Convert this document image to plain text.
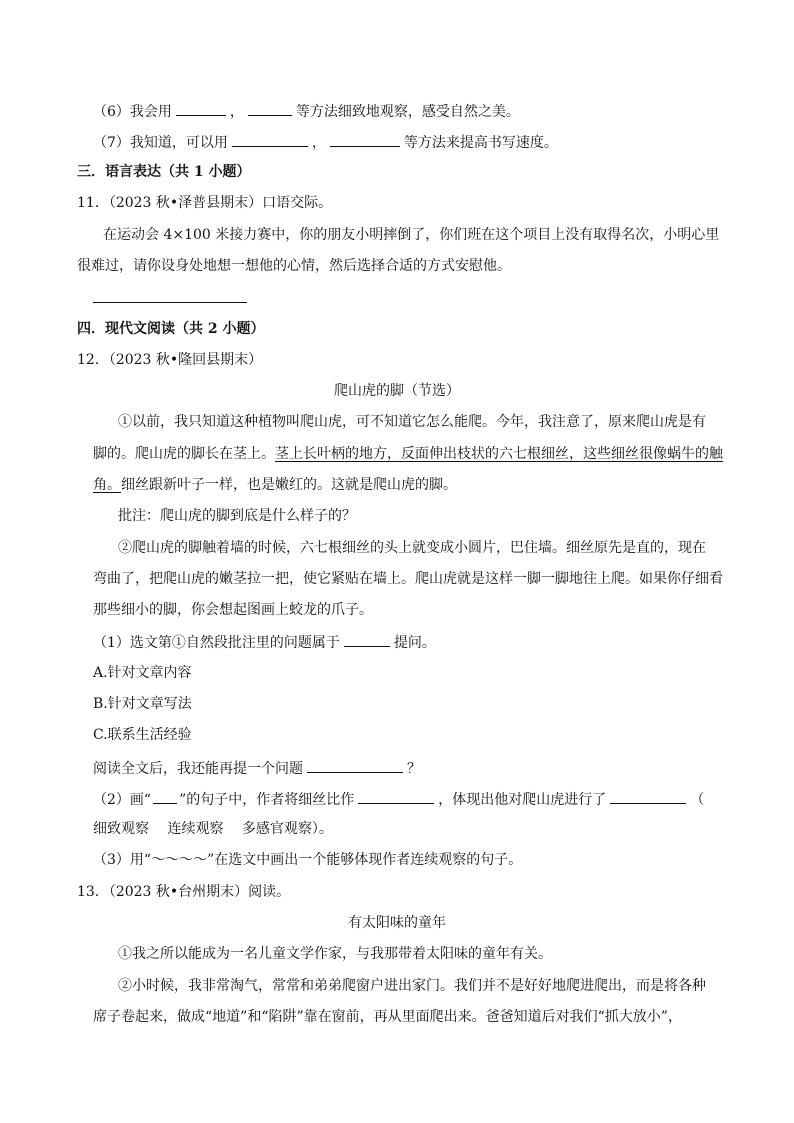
（6）我会用	，	等方法细致地观察，感受自然之美。
（7）我知道，可以用	，	等方法来提高书写速度。
三．语言表达（共 1 小题）
11．（2023 秋•泽普县期末）口语交际。
在运动会 4×100 米接力赛中，你的朋友小明摔倒了，你们班在这个项目上没有取得名次，小明心里
很难过，请你设身处地想一想他的心情，然后选择合适的方式安慰他。
四．现代文阅读（共 2 小题）
12．（2023 秋•隆回县期末）
爬山虎的脚（节选）
①以前，我只知道这种植物叫爬山虎，可不知道它怎么能爬。今年，我注意了，原来爬山虎是有
脚的。爬山虎的脚长在茎上。茎上长叶柄的地方，反面伸出枝状的六七根细丝，这些细丝很像蜗牛的触
角。细丝跟新叶子一样，也是嫩红的。这就是爬山虎的脚。
批注：爬山虎的脚到底是什么样子的？
②爬山虎的脚触着墙的时候，六七根细丝的头上就变成小圆片，巴住墙。细丝原先是直的，现在
弯曲了，把爬山虎的嫩茎拉一把，使它紧贴在墙上。爬山虎就是这样一脚一脚地往上爬。如果你仔细看
那些细小的脚，你会想起图画上蛟龙的爪子。
（1）选文第①自然段批注里的问题属于	提问。
A.针对文章内容
B.针对文章写法
C.联系生活经验
阅读全文后，我还能再提一个问题	？
（2）画“ ”的句子中，作者将细丝比作	，体现出他对爬山虎进行了	（
细致观察　 连续观察　 多感官观察）。
（3）用“～～～～”在选文中画出一个能够体现作者连续观察的句子。
13．（2023 秋•台州期末）阅读。
有太阳味的童年
①我之所以能成为一名儿童文学作家，与我那带着太阳味的童年有关。
②小时候，我非常淘气，常常和弟弟爬窗户进出家门。我们并不是好好地爬进爬出，而是将各种
席子卷起来，做成“地道”和“陷阱”靠在窗前，再从里面爬出来。爸爸知道后对我们“抓大放小”，
